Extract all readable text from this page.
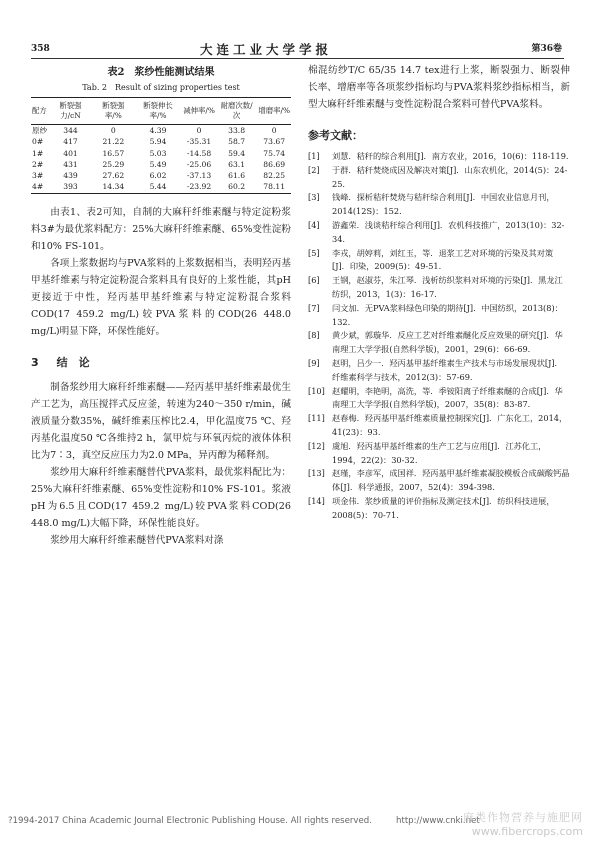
358	大连工业大学学报	第36卷
表2　浆纱性能测试结果
Tab. 2　Result of sizing properties test
配方	断裂强力/cN	断裂强率/%	断裂伸长率/%	减伸率/%	耐磨次数/次	增磨率/%
原纱	344	0	4.39	0	33.8	0
0#	417	21.22	5.94	-35.31	58.7	73.67
1#	401	16.57	5.03	-14.58	59.4	75.74
2#	431	25.29	5.49	-25.06	63.1	86.69
3#	439	27.62	6.02	-37.13	61.6	82.25
4#	393	14.34	5.44	-23.92	60.2	78.11

由表1、表2可知，自制的大麻秆纤维素醚与特定淀粉浆料3#为最优浆料配方：25%大麻秆纤维素醚、65%变性淀粉和10% FS-101。

各项上浆数据均与PVA浆料的上浆数据相当，表明羟丙基甲基纤维素与特定淀粉混合浆料具有良好的上浆性能，其pH更接近于中性，羟丙基甲基纤维素与特定淀粉混合浆料COD(17 459.2 mg/L)较PVA浆料的COD(26 448.0 mg/L)明显下降，环保性能好。

3 结　论

制备浆纱用大麻秆纤维素醚——羟丙基甲基纤维素最优生产工艺为，高压搅拌式反应釜，转速为240～350 r/min，碱液质量分数35%，碱纤维素压榨比2.4，甲化温度75 ℃、羟丙基化温度50 ℃各维持2 h，氯甲烷与环氧丙烷的液体体积比为7∶3，真空反应压力为2.0 MPa，异丙醇为稀释剂。

浆纱用大麻秆纤维素醚替代PVA浆料，最优浆料配比为：25%大麻秆纤维素醚、65%变性淀粉和10% FS-101。浆液pH为6.5且COD(17 459.2 mg/L)较PVA浆料COD(26 448.0 mg/L)大幅下降，环保性能良好。

浆纱用大麻秆纤维素醚替代PVA浆料对涤

棉混纺纱T/C 65/35 14.7 tex进行上浆，断裂强力、断裂伸长率、增磨率等各项浆纱指标均与PVA浆料浆纱指标相当，新型大麻秆纤维素醚与变性淀粉混合浆料可替代PVA浆料。

参考文献：
[1] 刘慧．秸秆的综合利用[J]．南方农业，2016，10(6)：118-119.
[2] 于群．秸秆焚烧成因及解决对策[J]．山东农机化，2014(5)：24-25.
[3] 钱峰．探析秸秆焚烧与秸秆综合利用[J]．中国农业信息月刊，2014(12S)：152.
[4] 游鑫荣．浅谈秸秆综合利用[J]．农机科技推广，2013(10)：32-34.
[5] 李戎，胡婷莉，刘红玉，等．退浆工艺对环境的污染及其对策[J]．印染，2009(5)：49-51.
[6] 王钢，赵淑芬，朱江琴．浅析纺织浆料对环境的污染[J]．黑龙江纺织，2013，1(3)：16-17.
[7] 闫文加．无PVA浆料绿色印染的期待[J]．中国纺织，2013(8)：132.
[8] 黄少斌，郭璇华．反应工艺对纤维素醚化反应效果的研究[J]．华南理工大学学报(自然科学版)，2001，29(6)：66-69.
[9] 赵明，吕少一．羟丙基甲基纤维素生产技术与市场发展现状[J]．纤维素科学与技术，2012(3)：57-69.
[10] 赵耀明，李艳明，高洗，等．季铵阳离子纤维素醚的合成[J]．华南理工大学学报(自然科学版)，2007，35(8)：83-87.
[11] 赵春梅．羟丙基甲基纤维素质量控制探究[J]．广东化工，2014，41(23)：93.
[12] 虞旭．羟丙基甲基纤维素的生产工艺与应用[J]．江苏化工，1994，22(2)：30-32.
[13] 赵瑾，李彦军，成国祥．羟丙基甲基纤维素凝胶模板合成碳酸钙晶体[J]．科学通报，2007，52(4)：394-398.
[14] 项金伟．浆纱质量的评价指标及测定技术[J]．纺织科技进展，2008(5)：70-71.
?1994-2017 China Academic Journal Electronic Publishing House. All rights reserved.	http://www.cnki.net
麻类作物营养与施肥网
www.fibercrops.com
